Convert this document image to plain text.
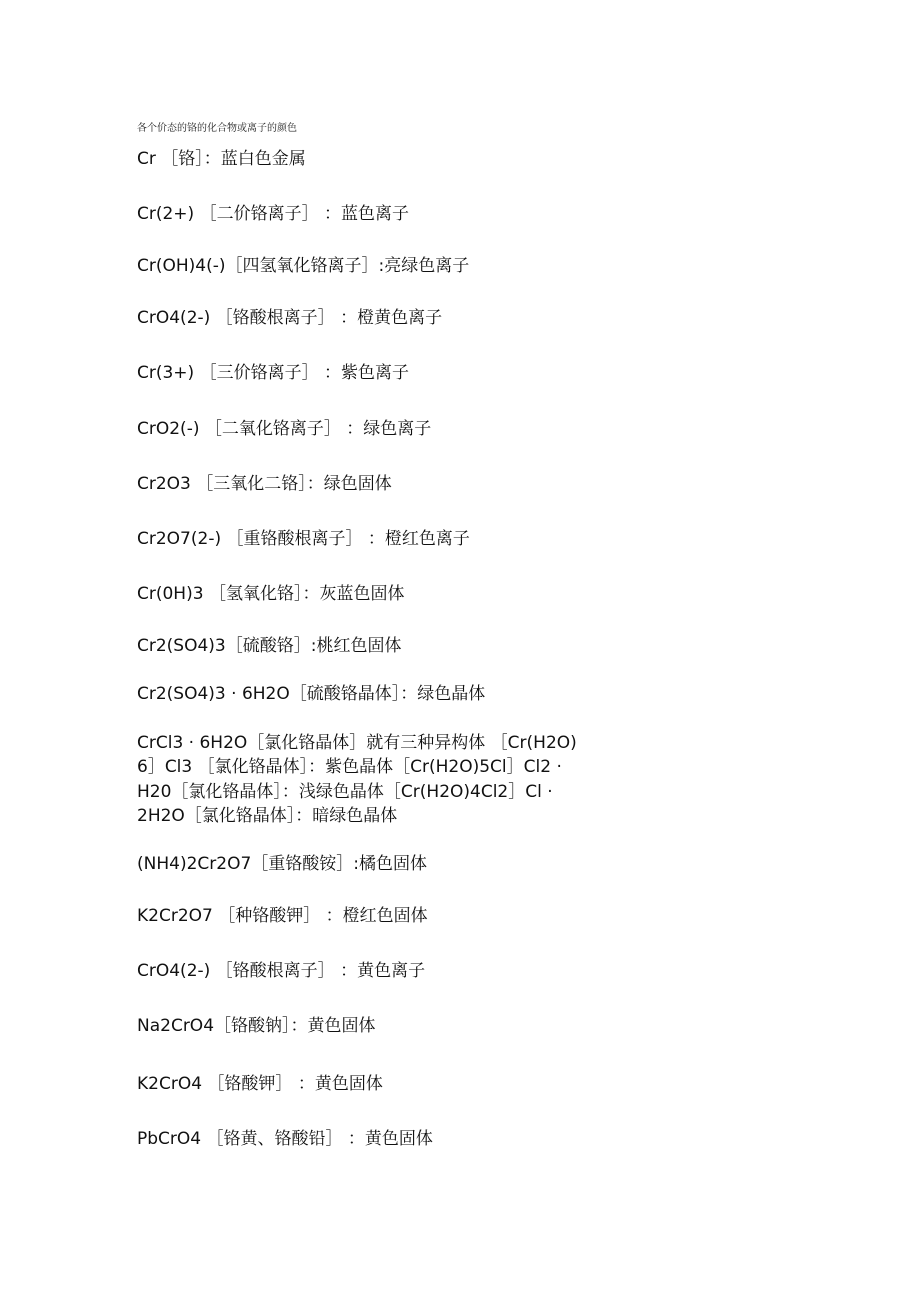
各个价态的铬的化合物或离子的颜色
Cr ［铬］：蓝白色金属
Cr(2+) ［二价铬离子］ ：蓝色离子
Cr(OH)4(-)［四氢氧化铬离子］:亮绿色离子
CrO4(2-) ［铬酸根离子］ ：橙黄色离子
Cr(3+) ［三价铬离子］ ：紫色离子
CrO2(-) ［二氧化铬离子］ ：绿色离子
Cr2O3 ［三氧化二铬］：绿色固体
Cr2O7(2-) ［重铬酸根离子］ ：橙红色离子
Cr(0H)3 ［氢氧化铬］：灰蓝色固体
Cr2(SO4)3［硫酸铬］:桃红色固体
Cr2(SO4)3 · 6H2O［硫酸铬晶体］：绿色晶体
CrCl3 · 6H2O［氯化铬晶体］就有三种异构体 ［Cr(H2O)
6］Cl3 ［氯化铬晶体］：紫色晶体［Cr(H2O)5Cl］Cl2 ·
H20［氯化铬晶体］：浅绿色晶体［Cr(H2O)4Cl2］Cl ·
2H2O［氯化铬晶体］：暗绿色晶体
(NH4)2Cr2O7［重铬酸铵］:橘色固体
K2Cr2O7 ［种铬酸钾］ ：橙红色固体
CrO4(2-) ［铬酸根离子］ ：黄色离子
Na2CrO4［铬酸钠］：黄色固体
K2CrO4 ［铬酸钾］ ：黄色固体
PbCrO4 ［铬黄、铬酸铅］ ：黄色固体
